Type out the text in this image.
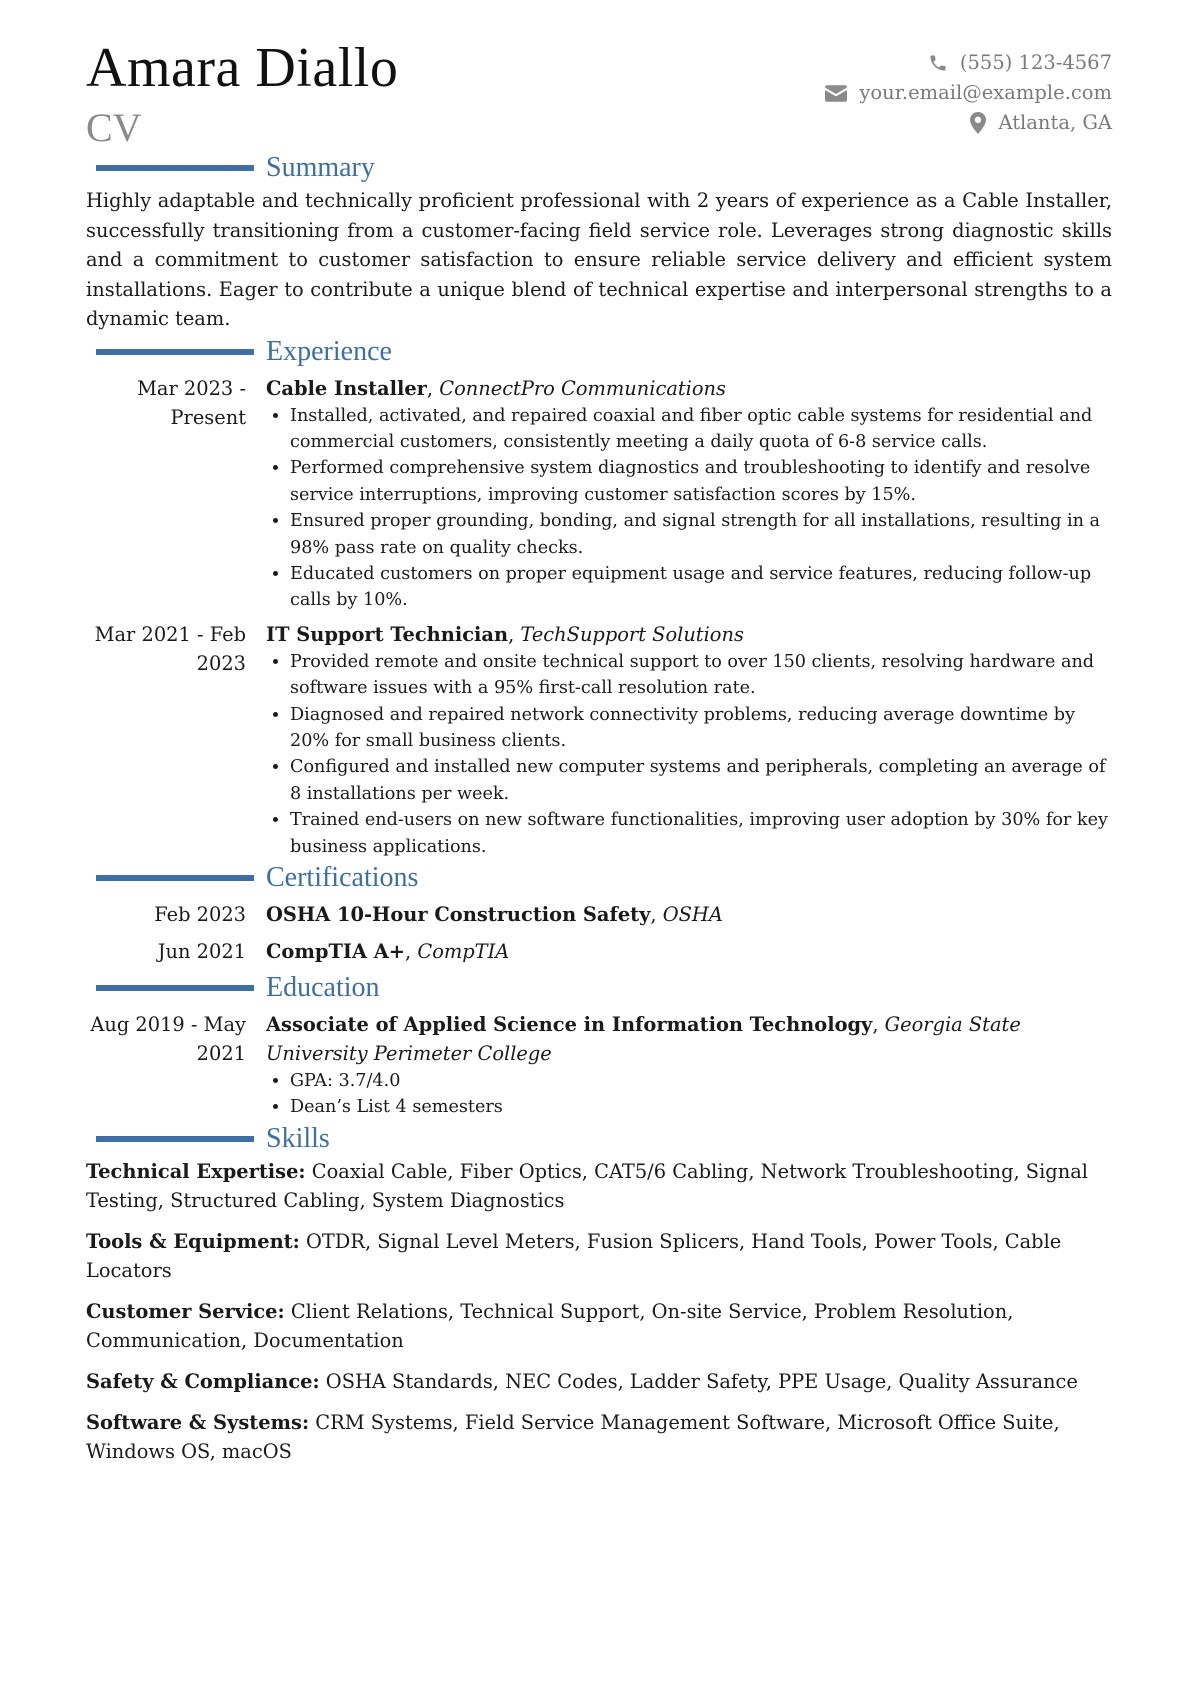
Amara Diallo
CV
(555) 123-4567
your.email@example.com
Atlanta, GA
Summary

Highly adaptable and technically proficient professional with 2 years of experience as a Cable Installer, successfully transitioning from a customer-facing field service role. Leverages strong diagnostic skills and a commitment to customer satisfaction to ensure reliable service delivery and efficient system installations. Eager to contribute a unique blend of technical expertise and interpersonal strengths to a dynamic team.

Experience
Mar 2023 - Present
Cable Installer, ConnectPro Communications
• Installed, activated, and repaired coaxial and fiber optic cable systems for residential and commercial customers, consistently meeting a daily quota of 6-8 service calls.
• Performed comprehensive system diagnostics and troubleshooting to identify and resolve service interruptions, improving customer satisfaction scores by 15%.
• Ensured proper grounding, bonding, and signal strength for all installations, resulting in a 98% pass rate on quality checks.
• Educated customers on proper equipment usage and service features, reducing follow-up calls by 10%.
Mar 2021 - Feb 2023
IT Support Technician, TechSupport Solutions
• Provided remote and onsite technical support to over 150 clients, resolving hardware and software issues with a 95% first-call resolution rate.
• Diagnosed and repaired network connectivity problems, reducing average downtime by 20% for small business clients.
• Configured and installed new computer systems and peripherals, completing an average of 8 installations per week.
• Trained end-users on new software functionalities, improving user adoption by 30% for key business applications.
Certifications
Feb 2023	OSHA 10-Hour Construction Safety, OSHA
Jun 2021	CompTIA A+, CompTIA
Education
Aug 2019 - May 2021
Associate of Applied Science in Information Technology, Georgia State University Perimeter College
• GPA: 3.7/4.0
• Dean’s List 4 semesters
Skills

Technical Expertise: Coaxial Cable, Fiber Optics, CAT5/6 Cabling, Network Troubleshooting, Signal Testing, Structured Cabling, System Diagnostics

Tools & Equipment: OTDR, Signal Level Meters, Fusion Splicers, Hand Tools, Power Tools, Cable Locators

Customer Service: Client Relations, Technical Support, On-site Service, Problem Resolution, Communication, Documentation

Safety & Compliance: OSHA Standards, NEC Codes, Ladder Safety, PPE Usage, Quality Assurance

Software & Systems: CRM Systems, Field Service Management Software, Microsoft Office Suite, Windows OS, macOS
